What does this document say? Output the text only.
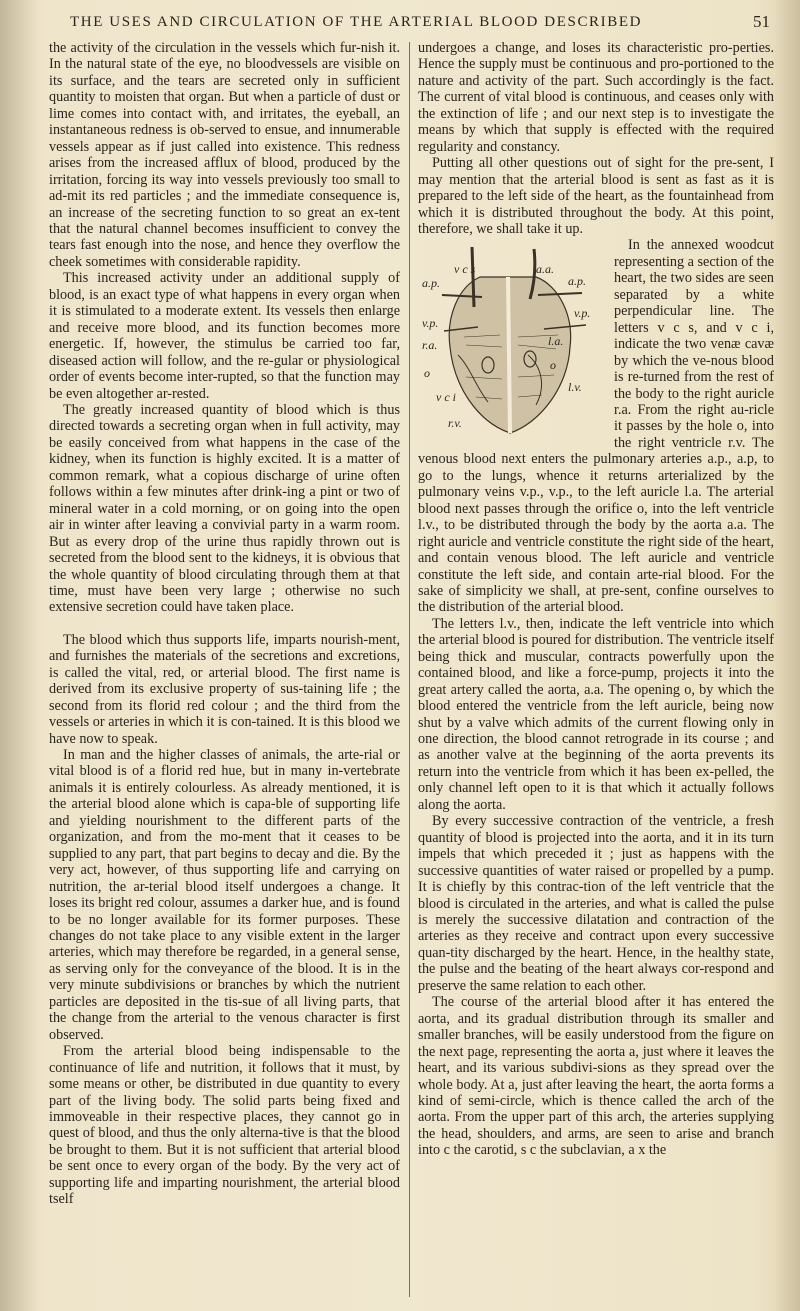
THE USES AND CIRCULATION OF THE ARTERIAL BLOOD DESCRIBED	51

the activity of the circulation in the vessels which fur-nish it. In the natural state of the eye, no bloodvessels are visible on its surface, and the tears are secreted only in sufficient quantity to moisten that organ. But when a particle of dust or lime comes into contact with, and irritates, the eyeball, an instantaneous redness is ob-served to ensue, and innumerable vessels appear as if just called into existence. This redness arises from the increased afflux of blood, produced by the irritation, forcing its way into vessels previously too small to ad-mit its red particles ; and the immediate consequence is, an increase of the secreting function to so great an ex-tent that the natural channel becomes insufficient to convey the tears fast enough into the nose, and hence they overflow the cheek sometimes with considerable rapidity.

This increased activity under an additional supply of blood, is an exact type of what happens in every organ when it is stimulated to a moderate extent. Its vessels then enlarge and receive more blood, and its function becomes more energetic. If, however, the stimulus be carried too far, diseased action will follow, and the re-gular or physiological order of events become inter-rupted, so that the function may be even altogether ar-rested.

The greatly increased quantity of blood which is thus directed towards a secreting organ when in full activity, may be easily conceived from what happens in the case of the kidney, when its function is highly excited. It is a matter of common remark, what a copious discharge of urine often follows within a few minutes after drink-ing a pint or two of mineral water in a cold morning, or on going into the open air in winter after leaving a convivial party in a warm room. But as every drop of the urine thus rapidly thrown out is secreted from the blood sent to the kidneys, it is obvious that the whole quantity of blood circulating through them at that time, must have been very large ; otherwise no such extensive secretion could have taken place.

The blood which thus supports life, imparts nourish-ment, and furnishes the materials of the secretions and excretions, is called the vital, red, or arterial blood. The first name is derived from its exclusive property of sus-taining life ; the second from its florid red colour ; and the third from the vessels or arteries in which it is con-tained. It is this blood we have now to speak.

In man and the higher classes of animals, the arte-rial or vital blood is of a florid red hue, but in many in-vertebrate animals it is entirely colourless. As already mentioned, it is the arterial blood alone which is capa-ble of supporting life and yielding nourishment to the different parts of the organization, and from the mo-ment that it ceases to be supplied to any part, that part begins to decay and die. By the very act, however, of thus supporting life and carrying on nutrition, the ar-terial blood itself undergoes a change. It loses its bright red colour, assumes a darker hue, and is found to be no longer available for its former purposes. These changes do not take place to any visible extent in the larger arteries, which may therefore be regarded, in a general sense, as serving only for the conveyance of the blood. It is in the very minute subdivisions or branches by which the nutrient particles are deposited in the tis-sue of all living parts, that the change from the arterial to the venous character is first observed.

From the arterial blood being indispensable to the continuance of life and nutrition, it follows that it must, by some means or other, be distributed in due quantity to every part of the living body. The solid parts being fixed and immoveable in their respective places, they cannot go in quest of blood, and thus the only alterna-tive is that the blood be brought to them. But it is not sufficient that arterial blood be sent once to every organ of the body. By the very act of supporting life and imparting nourishment, the arterial blood tself

undergoes a change, and loses its characteristic pro-perties. Hence the supply must be continuous and pro-portioned to the nature and activity of the part. Such accordingly is the fact. The current of vital blood is continuous, and ceases only with the extinction of life ; and our next step is to investigate the means by which that supply is effected with the required regularity and constancy.

Putting all other questions out of sight for the pre-sent, I may mention that the arterial blood is sent as fast as it is prepared to the left side of the heart, as the fountainhead from which it is distributed throughout the body. At this point, therefore, we shall take it up.

v c s	a.a.
a.p.	a.p.
v.p.
v.p.
r.a.	l.a.
o
o
l.v.
v c i
r.v.

In the annexed woodcut representing a section of the heart, the two sides are seen separated by a white perpendicular line. The letters v c s, and v c i, indicate the two venæ cavæ by which the ve-nous blood is re-turned from the rest of the body to the right auricle r.a. From the right au-ricle it passes by the hole o, into the right ventricle r.v. The venous blood next enters the pulmonary arteries a.p., a.p, to go to the lungs, whence it returns arterialized by the pulmonary veins v.p., v.p., to the left auricle l.a. The arterial blood next passes through the orifice o, into the left ventricle l.v., to be distributed through the body by the aorta a.a. The right auricle and ventricle constitute the right side of the heart, and contain venous blood. The left auricle and ventricle constitute the left side, and contain arte-rial blood. For the sake of simplicity we shall, at pre-sent, confine ourselves to the distribution of the arterial blood.

The letters l.v., then, indicate the left ventricle into which the arterial blood is poured for distribution. The ventricle itself being thick and muscular, contracts powerfully upon the contained blood, and like a force-pump, projects it into the great artery called the aorta, a.a. The opening o, by which the blood entered the ventricle from the left auricle, being now shut by a valve which admits of the current flowing only in one direction, the blood cannot retrograde in its course ; and as another valve at the beginning of the aorta prevents its return into the ventricle from which it has been ex-pelled, the only channel left open to it is that which it actually follows along the aorta.

By every successive contraction of the ventricle, a fresh quantity of blood is projected into the aorta, and it in its turn impels that which preceded it ; just as happens with the successive quantities of water raised or propelled by a pump. It is chiefly by this contrac-tion of the left ventricle that the blood is circulated in the arteries, and what is called the pulse is merely the successive dilatation and contraction of the arteries as they receive and contract upon every successive quan-tity discharged by the heart. Hence, in the healthy state, the pulse and the beating of the heart always cor-respond and preserve the same relation to each other.

The course of the arterial blood after it has entered the aorta, and its gradual distribution through its smaller and smaller branches, will be easily understood from the figure on the next page, representing the aorta a, just where it leaves the heart, and its various subdivi-sions as they spread over the whole body. At a, just after leaving the heart, the aorta forms a kind of semi-circle, which is thence called the arch of the aorta. From the upper part of this arch, the arteries supplying the head, shoulders, and arms, are seen to arise and branch into c the carotid, s c the subclavian, a x the
